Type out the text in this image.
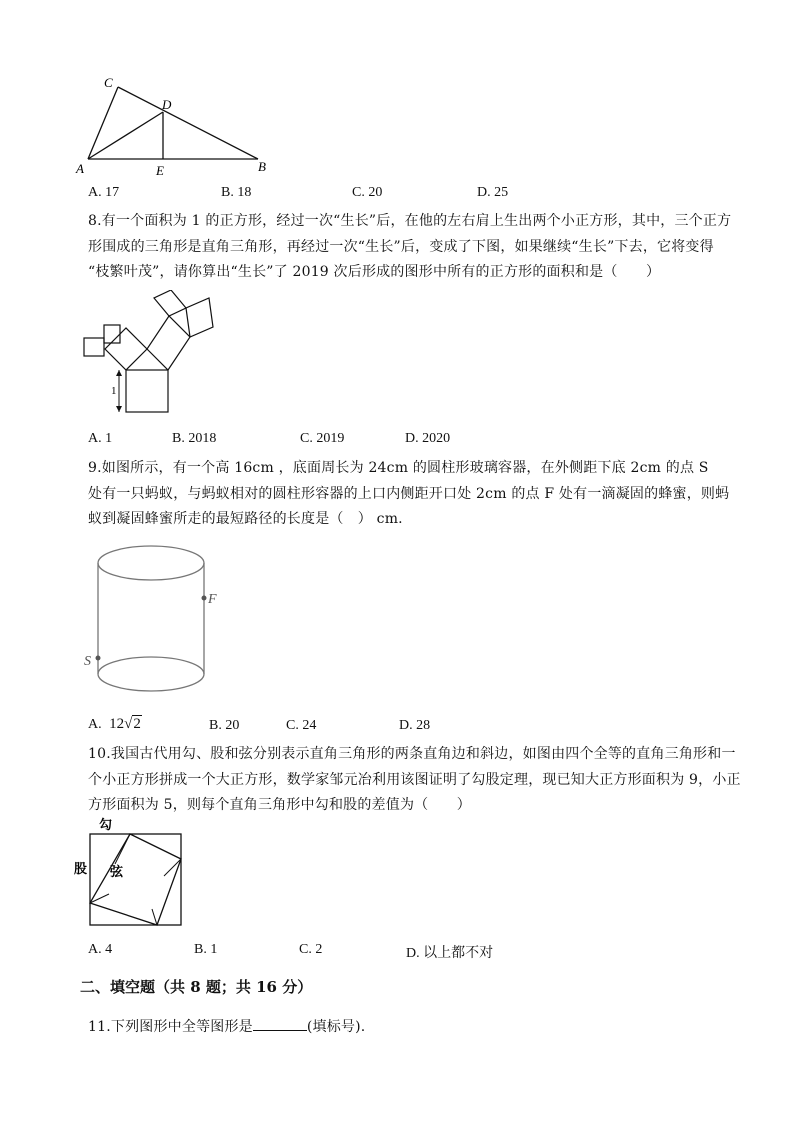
C
D
A	E	B
A. 17	B. 18	C. 20	D. 25
8.有一个面积为 1 的正方形，经过一次“生长”后，在他的左右肩上生出两个小正方形，其中，三个正方
形围成的三角形是直角三角形，再经过一次“生长”后，变成了下图，如果继续“生长”下去，它将变得
“枝繁叶茂”，请你算出“生长”了 2019 次后形成的图形中所有的正方形的面积和是（　　）
1
A. 1	B. 2018	C. 2019	D. 2020
9.如图所示，有一个高 16cm ，底面周长为 24cm 的圆柱形玻璃容器，在外侧距下底 2cm 的点 S
处有一只蚂蚁，与蚂蚁相对的圆柱形容器的上口内侧距开口处 2cm 的点 F 处有一滴凝固的蜂蜜，则蚂
蚁到凝固蜂蜜所走的最短路径的长度是（　） cm.
F
S
A. 12√2	B. 20	C. 24	D. 28
10.我国古代用勾、股和弦分别表示直角三角形的两条直角边和斜边，如图由四个全等的直角三角形和一
个小正方形拼成一个大正方形，数学家邹元冶利用该图证明了勾股定理，现已知大正方形面积为 9，小正
方形面积为 5，则每个直角三角形中勾和股的差值为（　　）
勾
股 弦
A. 4	B. 1	C. 2	D. 以上都不对
二、填空题（共 8 题；共 16 分）
11.下列图形中全等图形是	(填标号).
